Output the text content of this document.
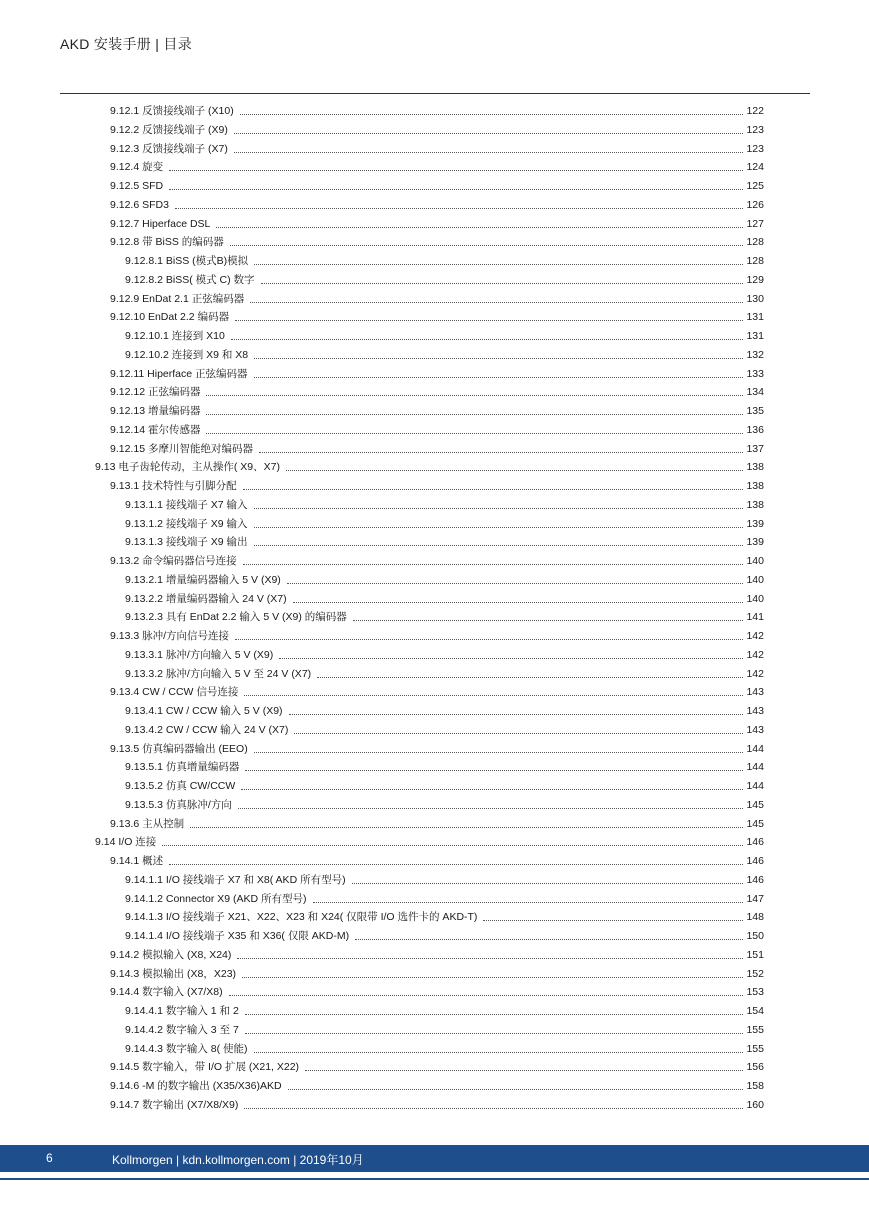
AKD 安装手册 | 目录
9.12.1 反馈接线端子 (X10)	122
9.12.2 反馈接线端子 (X9)	123
9.12.3 反馈接线端子 (X7)	123
9.12.4 旋变	124
9.12.5 SFD	125
9.12.6 SFD3	126
9.12.7 Hiperface DSL	127
9.12.8 带 BiSS 的编码器	128
9.12.8.1 BiSS (模式B)模拟	128
9.12.8.2 BiSS( 模式 C) 数字	129
9.12.9 EnDat 2.1 正弦编码器	130
9.12.10 EnDat 2.2 编码器	131
9.12.10.1 连接到 X10	131
9.12.10.2 连接到 X9 和 X8	132
9.12.11 Hiperface 正弦编码器	133
9.12.12 正弦编码器	134
9.12.13 增量编码器	135
9.12.14 霍尔传感器	136
9.12.15 多摩川智能绝对编码器	137
9.13 电子齿轮传动，主从操作( X9、X7)	138
9.13.1 技术特性与引脚分配	138
9.13.1.1 接线端子 X7 输入	138
9.13.1.2 接线端子 X9 输入	139
9.13.1.3 接线端子 X9 输出	139
9.13.2 命令编码器信号连接	140
9.13.2.1 增量编码器输入 5 V (X9)	140
9.13.2.2 增量编码器输入 24 V (X7)	140
9.13.2.3 具有 EnDat 2.2 输入 5 V (X9) 的编码器	141
9.13.3 脉冲/方向信号连接	142
9.13.3.1 脉冲/方向输入 5 V (X9)	142
9.13.3.2 脉冲/方向输入 5 V 至 24 V (X7)	142
9.13.4 CW / CCW 信号连接	143
9.13.4.1 CW / CCW 输入 5 V (X9)	143
9.13.4.2 CW / CCW 输入 24 V (X7)	143
9.13.5 仿真编码器输出 (EEO)	144
9.13.5.1 仿真增量编码器	144
9.13.5.2 仿真 CW/CCW	144
9.13.5.3 仿真脉冲/方向	145
9.13.6 主从控制	145
9.14 I/O 连接	146
9.14.1 概述	146
9.14.1.1 I/O 接线端子 X7 和 X8( AKD 所有型号)	146
9.14.1.2 Connector X9 (AKD 所有型号)	147
9.14.1.3 I/O 接线端子 X21、X22、X23 和 X24( 仅限带 I/O 选件卡的 AKD-T)	148
9.14.1.4 I/O 接线端子 X35 和 X36( 仅限 AKD-M)	150
9.14.2 模拟输入 (X8, X24)	151
9.14.3 模拟输出 (X8，X23)	152
9.14.4 数字输入 (X7/X8)	153
9.14.4.1 数字输入 1 和 2	154
9.14.4.2 数字输入 3 至 7	155
9.14.4.3 数字输入 8( 使能)	155
9.14.5 数字输入，带 I/O 扩展 (X21, X22)	156
9.14.6 -M 的数字输出 (X35/X36)AKD	158
9.14.7 数字输出 (X7/X8/X9)	160
6	Kollmorgen | kdn.kollmorgen.com | 2019年10月
